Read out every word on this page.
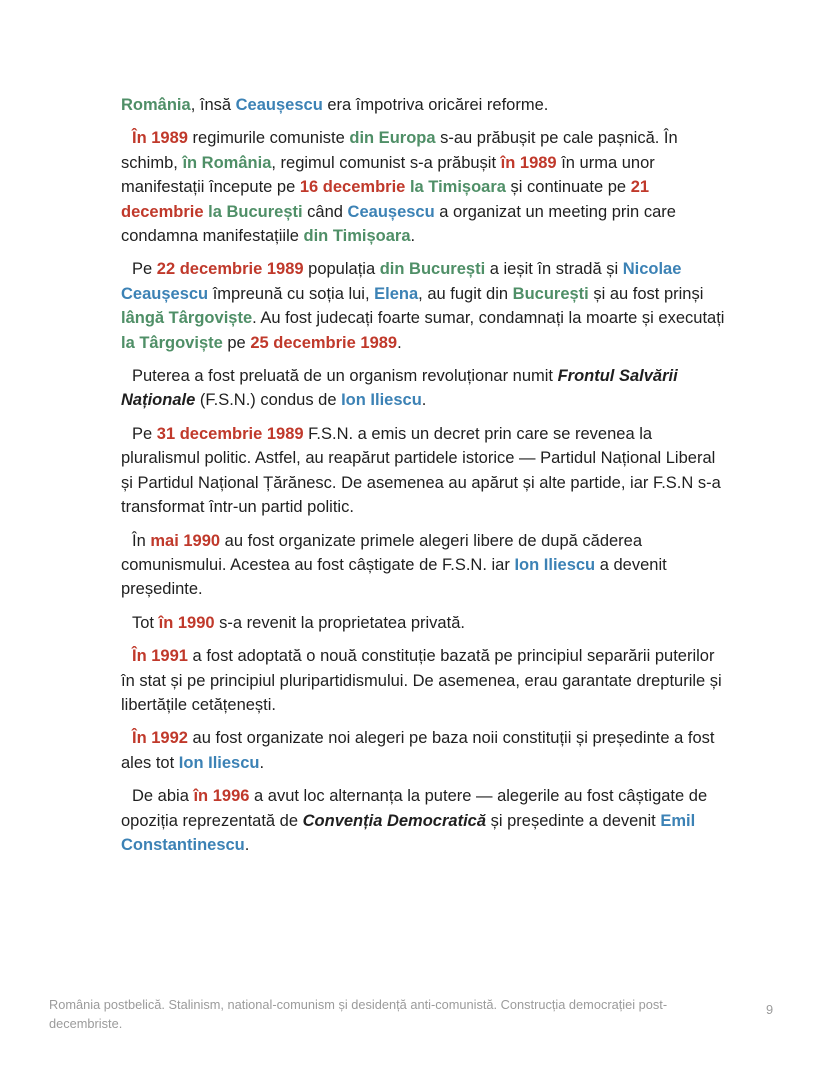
România, însă Ceaușescu era împotriva oricărei reforme.

În 1989 regimurile comuniste din Europa s-au prăbușit pe cale pașnică. În schimb, în România, regimul comunist s-a prăbușit în 1989 în urma unor manifestații începute pe 16 decembrie la Timișoara și continuate pe 21 decembrie la București când Ceaușescu a organizat un meeting prin care condamna manifestațiile din Timișoara.

Pe 22 decembrie 1989 populația din București a ieșit în stradă și Nicolae Ceaușescu împreună cu soția lui, Elena, au fugit din București și au fost prinși lângă Târgoviște. Au fost judecați foarte sumar, condamnați la moarte și executați la Târgoviște pe 25 decembrie 1989.

Puterea a fost preluată de un organism revoluționar numit Frontul Salvării Naționale (F.S.N.) condus de Ion Iliescu.

Pe 31 decembrie 1989 F.S.N. a emis un decret prin care se revenea la pluralismul politic. Astfel, au reapărut partidele istorice — Partidul Național Liberal și Partidul Național Țărănesc. De asemenea au apărut și alte partide, iar F.S.N s-a transformat într-un partid politic.

În mai 1990 au fost organizate primele alegeri libere de după căderea comunismului. Acestea au fost câștigate de F.S.N. iar Ion Iliescu a devenit președinte.

Tot în 1990 s-a revenit la proprietatea privată.

În 1991 a fost adoptată o nouă constituție bazată pe principiul separării puterilor în stat și pe principiul pluripartidismului. De asemenea, erau garantate drepturile și libertățile cetățenești.

În 1992 au fost organizate noi alegeri pe baza noii constituții și președinte a fost ales tot Ion Iliescu.

De abia în 1996 a avut loc alternanța la putere — alegerile au fost câștigate de opoziția reprezentată de Convenția Democratică și președinte a devenit Emil Constantinescu.

România postbelică. Stalinism, national-comunism și desidență anti-comunistă. Construcția democrației post-decembriste.
9
